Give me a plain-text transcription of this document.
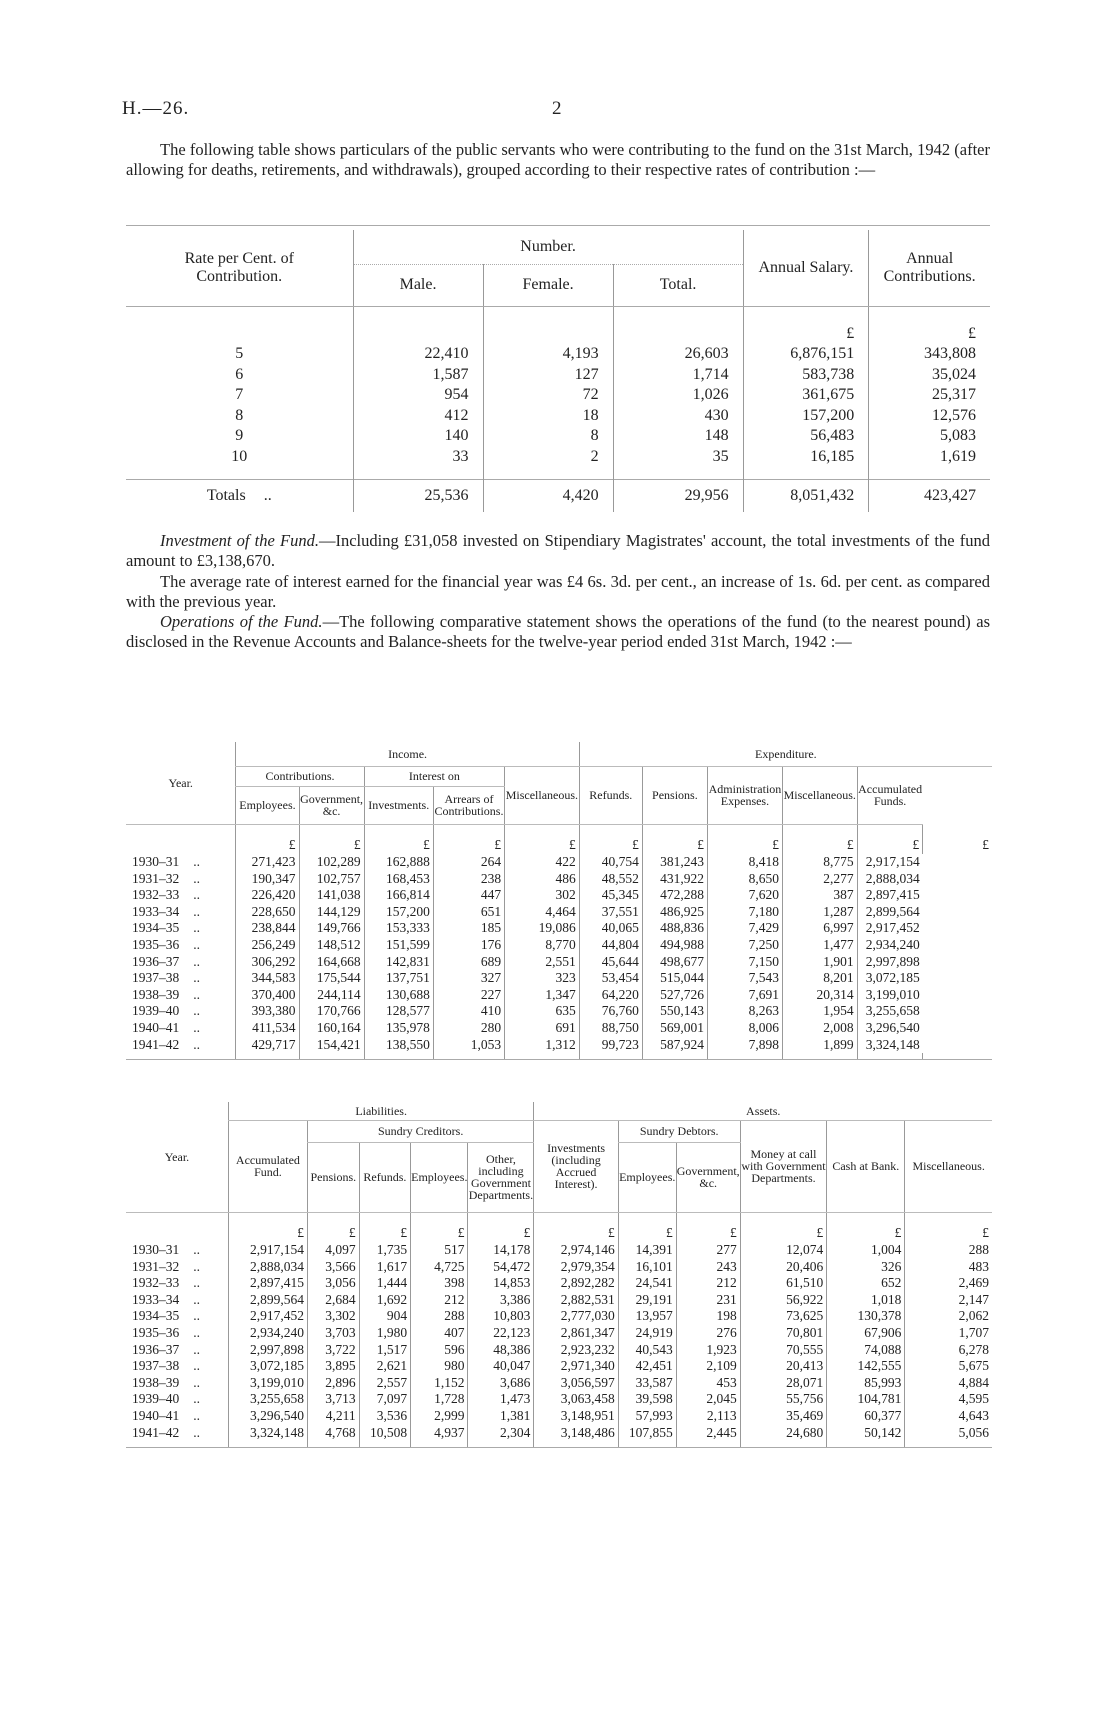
H.—26.	2

The following table shows particulars of the public servants who were contributing to the fund on the 31st March, 1942 (after allowing for deaths, retirements, and withdrawals), grouped according to their respective rates of contribution :—

Rate per Cent. of Contribution.	Number.			Annual Salary.	Annual Contributions.
	Male.	Female.	Total.		
				£	£
5	22,410	4,193	26,603	6,876,151	343,808
6	1,587	127	1,714	583,738	35,024
7	954	72	1,026	361,675	25,317
8	412	18	430	157,200	12,576
9	140	8	148	56,483	5,083
10	33	2	35	16,185	1,619

Totals ..	25,536	4,420	29,956	8,051,432	423,427

Investment of the Fund.—Including £31,058 invested on Stipendiary Magistrates' account, the total investments of the fund amount to £3,138,670.

The average rate of interest earned for the financial year was £4 6s. 3d. per cent., an increase of 1s. 6d. per cent. as compared with the previous year.

Operations of the Fund.—The following comparative statement shows the operations of the fund (to the nearest pound) as disclosed in the Revenue Accounts and Balance-sheets for the twelve-year period ended 31st March, 1942 :—

Year.	Income.					Expenditure.					
	Contributions.		Interest on		Miscellaneous.	Refunds.	Pensions.	Administration Expenses.	Miscellaneous.	Accumulated Funds.	
	Employees.	Government, &c.	Investments.	Arrears of Contributions.							
	£	£	£	£	£	£	£	£	£	£	£
1930–31 ..	271,423	102,289	162,888	264	422	40,754	381,243	8,418	8,775	2,917,154	
1931–32 ..	190,347	102,757	168,453	238	486	48,552	431,922	8,650	2,277	2,888,034	
1932–33 ..	226,420	141,038	166,814	447	302	45,345	472,288	7,620	387	2,897,415	
1933–34 ..	228,650	144,129	157,200	651	4,464	37,551	486,925	7,180	1,287	2,899,564	
1934–35 ..	238,844	149,766	153,333	185	19,086	40,065	488,836	7,429	6,997	2,917,452	
1935–36 ..	256,249	148,512	151,599	176	8,770	44,804	494,988	7,250	1,477	2,934,240	
1936–37 ..	306,292	164,668	142,831	689	2,551	45,644	498,677	7,150	1,901	2,997,898	
1937–38 ..	344,583	175,544	137,751	327	323	53,454	515,044	7,543	8,201	3,072,185	
1938–39 ..	370,400	244,114	130,688	227	1,347	64,220	527,726	7,691	20,314	3,199,010	
1939–40 ..	393,380	170,766	128,577	410	635	76,760	550,143	8,263	1,954	3,255,658	
1940–41 ..	411,534	160,164	135,978	280	691	88,750	569,001	8,006	2,008	3,296,540	
1941–42 ..	429,717	154,421	138,550	1,053	1,312	99,723	587,924	7,898	1,899	3,324,148	

Year.	Liabilities.					Assets.					
	Accumulated Fund.	Sundry Creditors.				Investments (including Accrued Interest).	Sundry Debtors.		Money at call with Government Departments.	Cash at Bank.	Miscellaneous.
		Pensions.	Refunds.	Employees.	Other, including Government Departments.		Employees.	Government, &c.			
	£	£	£	£	£	£	£	£	£	£	£
1930–31 ..	2,917,154	4,097	1,735	517	14,178	2,974,146	14,391	277	12,074	1,004	288
1931–32 ..	2,888,034	3,566	1,617	4,725	54,472	2,979,354	16,101	243	20,406	326	483
1932–33 ..	2,897,415	3,056	1,444	398	14,853	2,892,282	24,541	212	61,510	652	2,469
1933–34 ..	2,899,564	2,684	1,692	212	3,386	2,882,531	29,191	231	56,922	1,018	2,147
1934–35 ..	2,917,452	3,302	904	288	10,803	2,777,030	13,957	198	73,625	130,378	2,062
1935–36 ..	2,934,240	3,703	1,980	407	22,123	2,861,347	24,919	276	70,801	67,906	1,707
1936–37 ..	2,997,898	3,722	1,517	596	48,386	2,923,232	40,543	1,923	70,555	74,088	6,278
1937–38 ..	3,072,185	3,895	2,621	980	40,047	2,971,340	42,451	2,109	20,413	142,555	5,675
1938–39 ..	3,199,010	2,896	2,557	1,152	3,686	3,056,597	33,587	453	28,071	85,993	4,884
1939–40 ..	3,255,658	3,713	7,097	1,728	1,473	3,063,458	39,598	2,045	55,756	104,781	4,595
1940–41 ..	3,296,540	4,211	3,536	2,999	1,381	3,148,951	57,993	2,113	35,469	60,377	4,643
1941–42 ..	3,324,148	4,768	10,508	4,937	2,304	3,148,486	107,855	2,445	24,680	50,142	5,056
